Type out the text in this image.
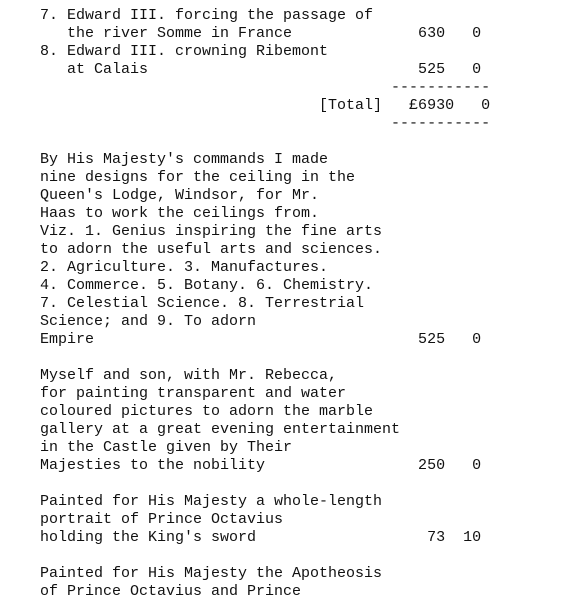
7. Edward III. forcing the passage of
the river Somme in France              630   0
8. Edward III. crowning Ribemont
at Calais                              525   0
-----------
[Total]   £6930   0
-----------
By His Majesty's commands I made
nine designs for the ceiling in the
Queen's Lodge, Windsor, for Mr.
Haas to work the ceilings from.
Viz. 1. Genius inspiring the fine arts
to adorn the useful arts and sciences.
2. Agriculture. 3. Manufactures.
4. Commerce. 5. Botany. 6. Chemistry.
7. Celestial Science. 8. Terrestrial
Science; and 9. To adorn
Empire                                    525   0
Myself and son, with Mr. Rebecca,
for painting transparent and water
coloured pictures to adorn the marble
gallery at a great evening entertainment
in the Castle given by Their
Majesties to the nobility                 250   0
Painted for His Majesty a whole-length
portrait of Prince Octavius
holding the King's sword                   73  10
Painted for His Majesty the Apotheosis
of Prince Octavius and Prince
